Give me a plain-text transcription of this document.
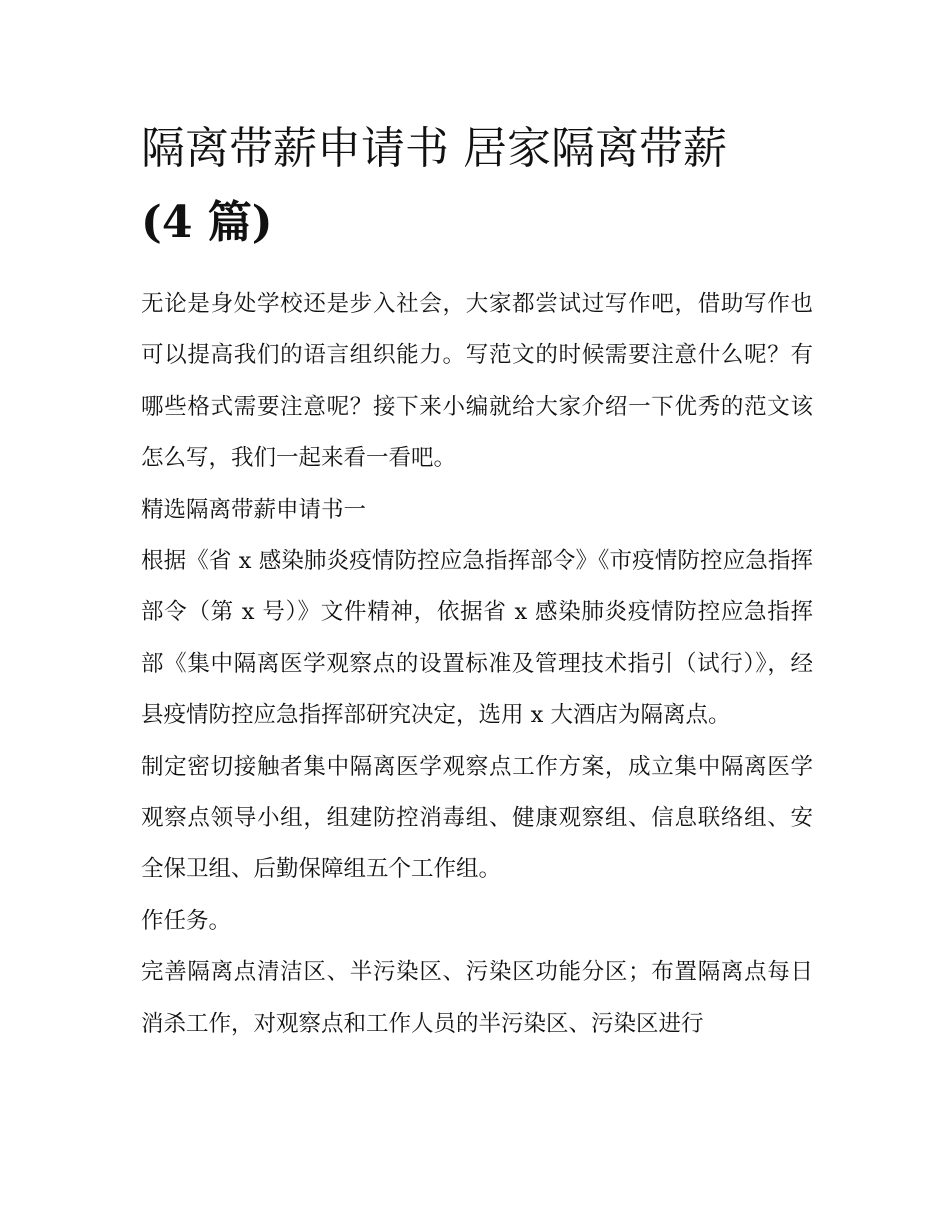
隔离带薪申请书 居家隔离带薪
(4 篇)

无论是身处学校还是步入社会，大家都尝试过写作吧，借助写作也可以提高我们的语言组织能力。写范文的时候需要注意什么呢？有哪些格式需要注意呢？接下来小编就给大家介绍一下优秀的范文该怎么写，我们一起来看一看吧。

精选隔离带薪申请书一

根据《省 x 感染肺炎疫情防控应急指挥部令》《市疫情防控应急指挥部令（第 x 号）》文件精神，依据省 x 感染肺炎疫情防控应急指挥部《集中隔离医学观察点的设置标准及管理技术指引（试行）》，经县疫情防控应急指挥部研究决定，选用 x 大酒店为隔离点。

制定密切接触者集中隔离医学观察点工作方案，成立集中隔离医学观察点领导小组，组建防控消毒组、健康观察组、信息联络组、安全保卫组、后勤保障组五个工作组。

作任务。

完善隔离点清洁区、半污染区、污染区功能分区；布置隔离点每日消杀工作，对观察点和工作人员的半污染区、污染区进行
